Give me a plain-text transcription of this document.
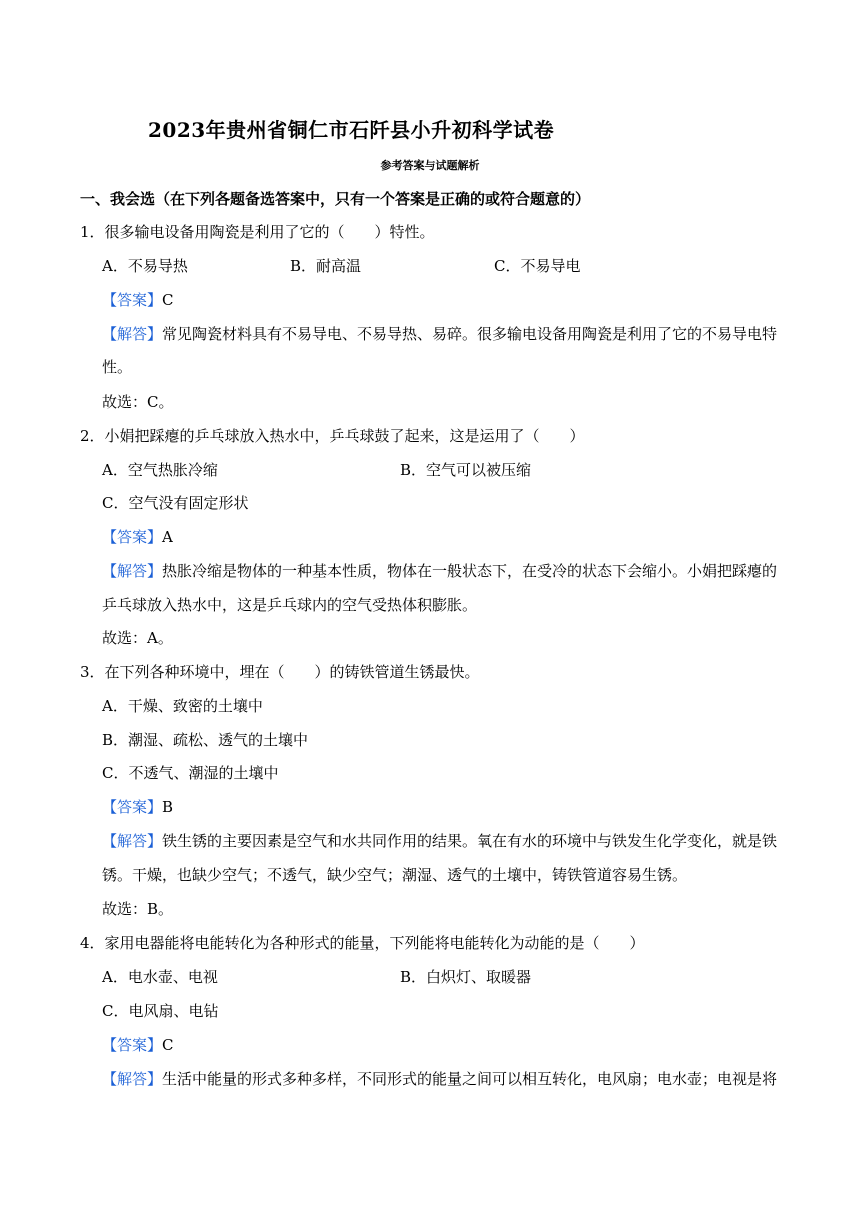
2023年贵州省铜仁市石阡县小升初科学试卷
参考答案与试题解析
一、我会选（在下列各题备选答案中，只有一个答案是正确的或符合题意的）
1．很多输电设备用陶瓷是利用了它的（　　）特性。
A．不易导热	B．耐高温	C．不易导电
【答案】C
【解答】常见陶瓷材料具有不易导电、不易导热、易碎。很多输电设备用陶瓷是利用了它的不易导电特
性。
故选：C。
2．小娟把踩瘪的乒乓球放入热水中，乒乓球鼓了起来，这是运用了（　　）
A．空气热胀冷缩	B．空气可以被压缩
C．空气没有固定形状
【答案】A
【解答】热胀冷缩是物体的一种基本性质，物体在一般状态下，在受冷的状态下会缩小。小娟把踩瘪的
乒乓球放入热水中，这是乒乓球内的空气受热体积膨胀。
故选：A。
3．在下列各种环境中，埋在（　　）的铸铁管道生锈最快。
A．干燥、致密的土壤中
B．潮湿、疏松、透气的土壤中
C．不透气、潮湿的土壤中
【答案】B
【解答】铁生锈的主要因素是空气和水共同作用的结果。氧在有水的环境中与铁发生化学变化，就是铁
锈。干燥，也缺少空气；不透气，缺少空气；潮湿、透气的土壤中，铸铁管道容易生锈。
故选：B。
4．家用电器能将电能转化为各种形式的能量，下列能将电能转化为动能的是（　　）
A．电水壶、电视	B．白炽灯、取暖器
C．电风扇、电钻
【答案】C
【解答】生活中能量的形式多种多样，不同形式的能量之间可以相互转化，电风扇；电水壶；电视是将
